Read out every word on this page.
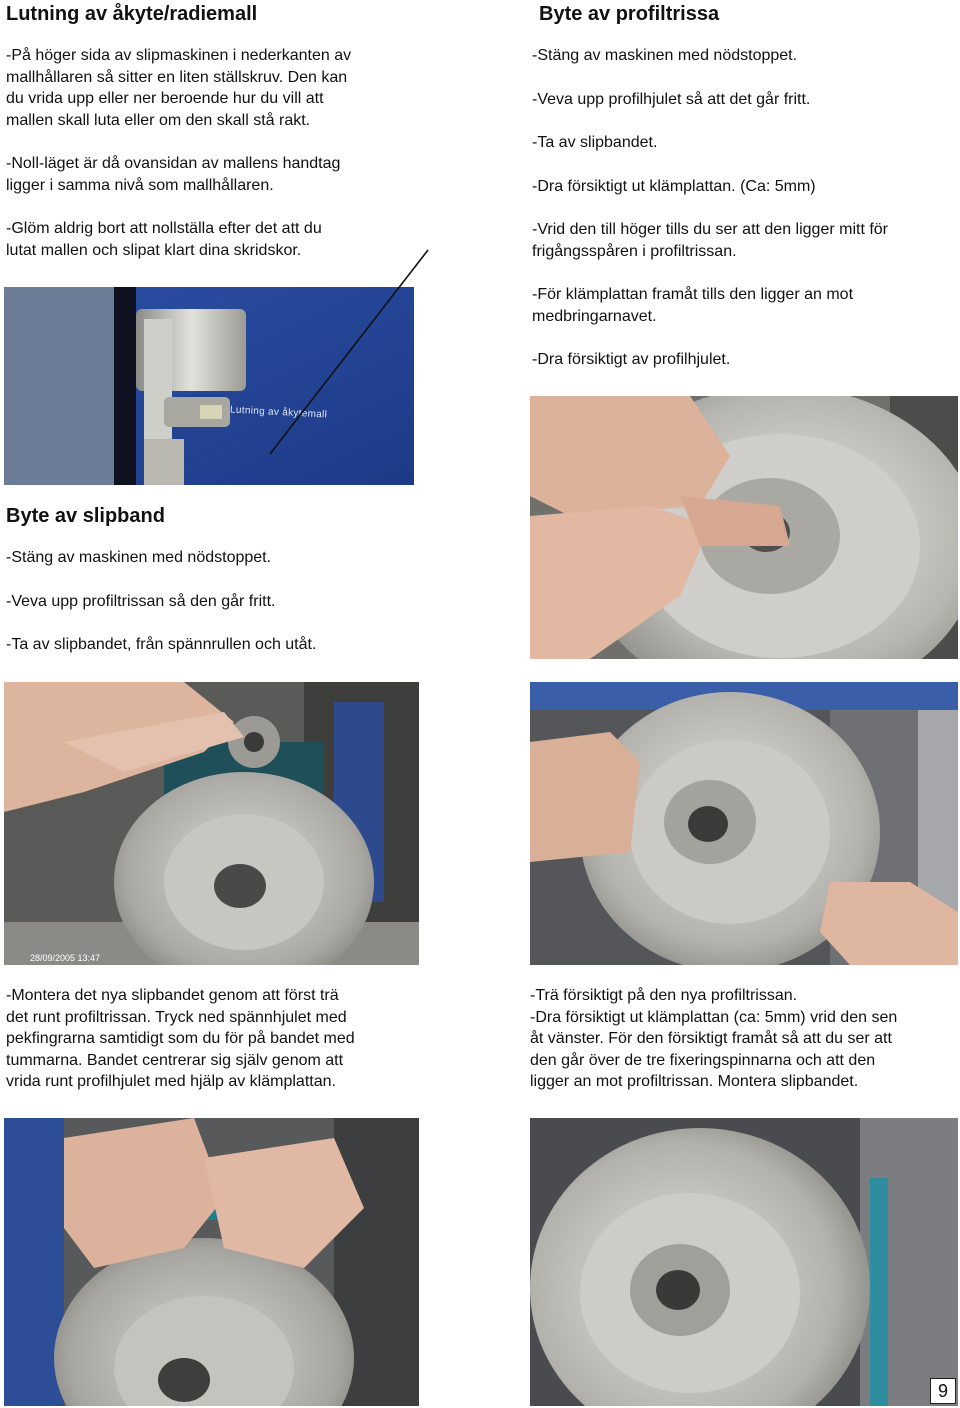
Lutning av åkyte/radiemall

-På höger sida av slipmaskinen i nederkanten av
mallhållaren så sitter en liten ställskruv. Den kan
du vrida upp eller ner beroende hur du vill att
mallen skall luta eller om den skall stå rakt.

-Noll-läget är då ovansidan av mallens handtag
ligger i samma nivå som mallhållaren.

-Glöm aldrig bort att nollställa efter det att du
lutat mallen och slipat klart dina skridskor.

Lutning av åkytemall
Byte av profiltrissa

-Stäng av maskinen med nödstoppet.

-Veva upp profilhjulet så att det går fritt.

-Ta av slipbandet.

-Dra försiktigt ut klämplattan. (Ca: 5mm)

-Vrid den till höger tills du ser att den ligger mitt för
frigångsspåren i profiltrissan.

-För klämplattan framåt tills den ligger an mot
medbringarnavet.

-Dra försiktigt av profilhjulet.

Byte av slipband

-Stäng av maskinen med nödstoppet.

-Veva upp profiltrissan så den går fritt.

-Ta av slipbandet, från spännrullen och utåt.

28/09/2005 13:47

-Montera det nya slipbandet genom att först trä
det runt profiltrissan. Tryck ned spännhjulet med
pekfingrarna samtidigt som du för på bandet med
tummarna. Bandet centrerar sig själv genom att
vrida runt profilhjulet med hjälp av klämplattan.

-Trä försiktigt på den nya profiltrissan.
-Dra försiktigt ut klämplattan (ca: 5mm) vrid den sen
åt vänster. För den försiktigt framåt så att du ser att
den går över de tre fixeringspinnarna och att den
ligger an mot profiltrissan. Montera slipbandet.

9
